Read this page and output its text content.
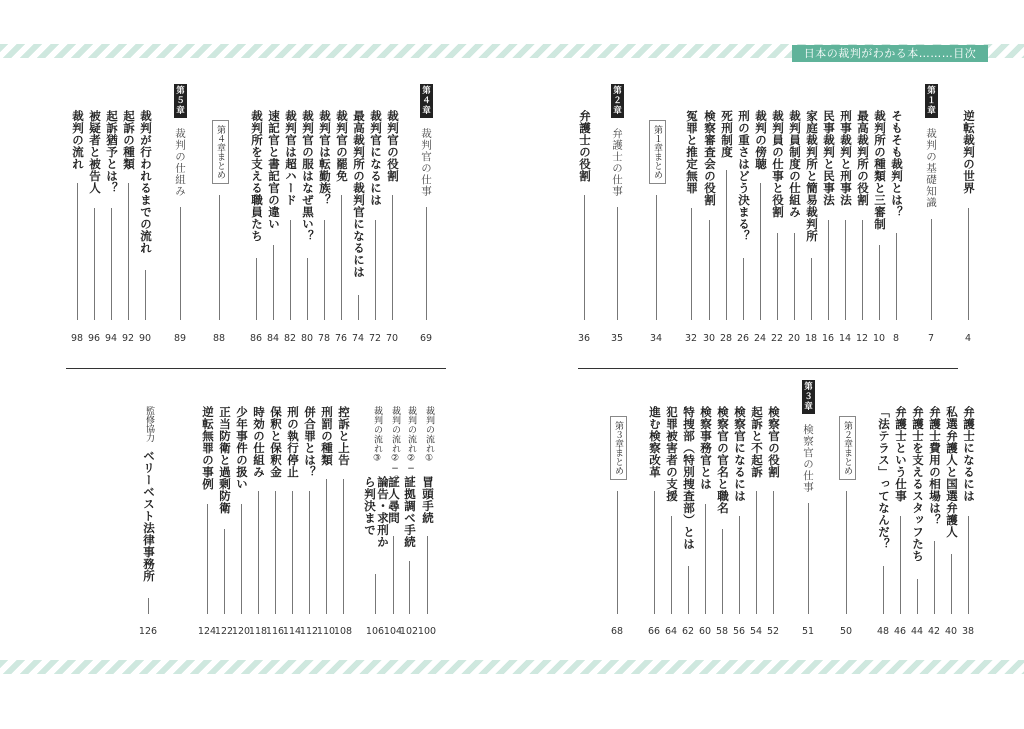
日本の裁判がわかる本………目次
逆転裁判の世界
4
第１章
裁判の基礎知識
7
そもそも裁判とは？
8
裁判所の種類と三審制
10
最高裁判所の役割
12
刑事裁判と刑事法
14
民事裁判と民事法
16
家庭裁判所と簡易裁判所
18
裁判員制度の仕組み
20
裁判員の仕事と役割
22
裁判の傍聴
24
刑の重さはどう決まる？
26
死刑制度
28
検察審査会の役割
30
冤罪と推定無罪
32
第１章まとめ
34
第２章
弁護士の仕事
35
弁護士の役割
36
弁護士になるには
38
私選弁護人と国選弁護人
40
弁護士費用の相場は？
42
弁護士を支えるスタッフたち
44
弁護士という仕事
46
「法テラス」ってなんだ？
48
第２章まとめ
50
第３章
検察官の仕事
51
検察官の役割
52
起訴と不起訴
54
検察官になるには
56
検察官の官名と職名
58
検察事務官とは
60
特捜部（特別捜査部）とは
62
犯罪被害者の支援
64
進む検察改革
66
第３章まとめ
68
第４章
裁判官の仕事
69
裁判官の役割
70
裁判官になるには
72
最高裁判所の裁判官になるには
74
裁判官の罷免
76
裁判官は転勤族？
78
裁判官の服はなぜ黒い？
80
裁判官は超ハード
82
速記官と書記官の違い
84
裁判所を支える職員たち
86
第４章まとめ
88
第５章
裁判の仕組み
89
裁判が行われるまでの流れ
90
起訴の種類
92
起訴猶予とは？
94
被疑者と被告人
96
裁判の流れ
98
裁判の流れ①
冒頭手続
100
裁判の流れ②−１
証拠調べ手続
102
裁判の流れ②−２
証人尋問
104
裁判の流れ③
論告・求刑から判決まで
106
控訴と上告
108
刑罰の種類
110
併合罪とは？
112
刑の執行停止
114
保釈と保釈金
116
時効の仕組み
118
少年事件の扱い
120
正当防衛と過剰防衛
122
逆転無罪の事例
124
監修協力
ベリーベスト法律事務所
126
